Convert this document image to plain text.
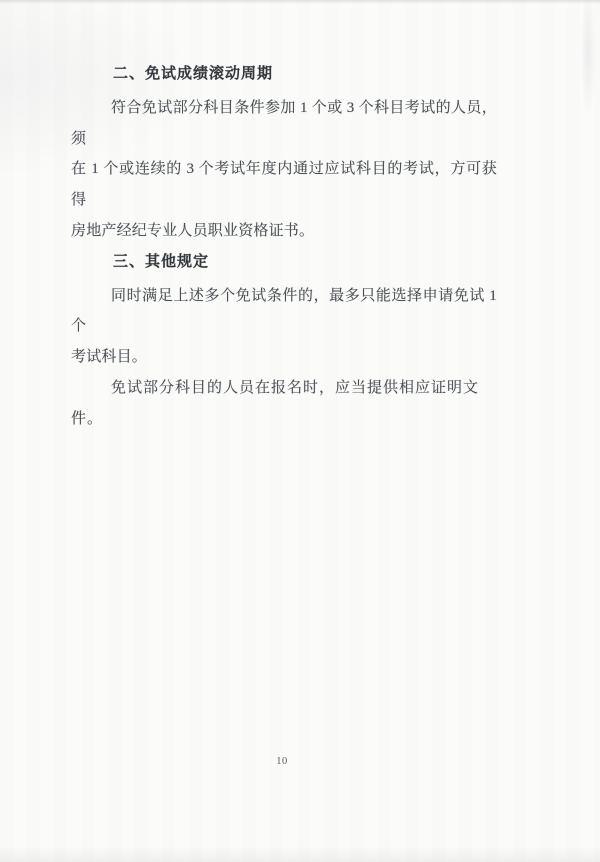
二、免试成绩滚动周期
符合免试部分科目条件参加 1 个或 3 个科目考试的人员，须
在 1 个或连续的 3 个考试年度内通过应试科目的考试，方可获得
房地产经纪专业人员职业资格证书。
三、其他规定
同时满足上述多个免试条件的，最多只能选择申请免试 1 个
考试科目。
免试部分科目的人员在报名时，应当提供相应证明文件。
10
